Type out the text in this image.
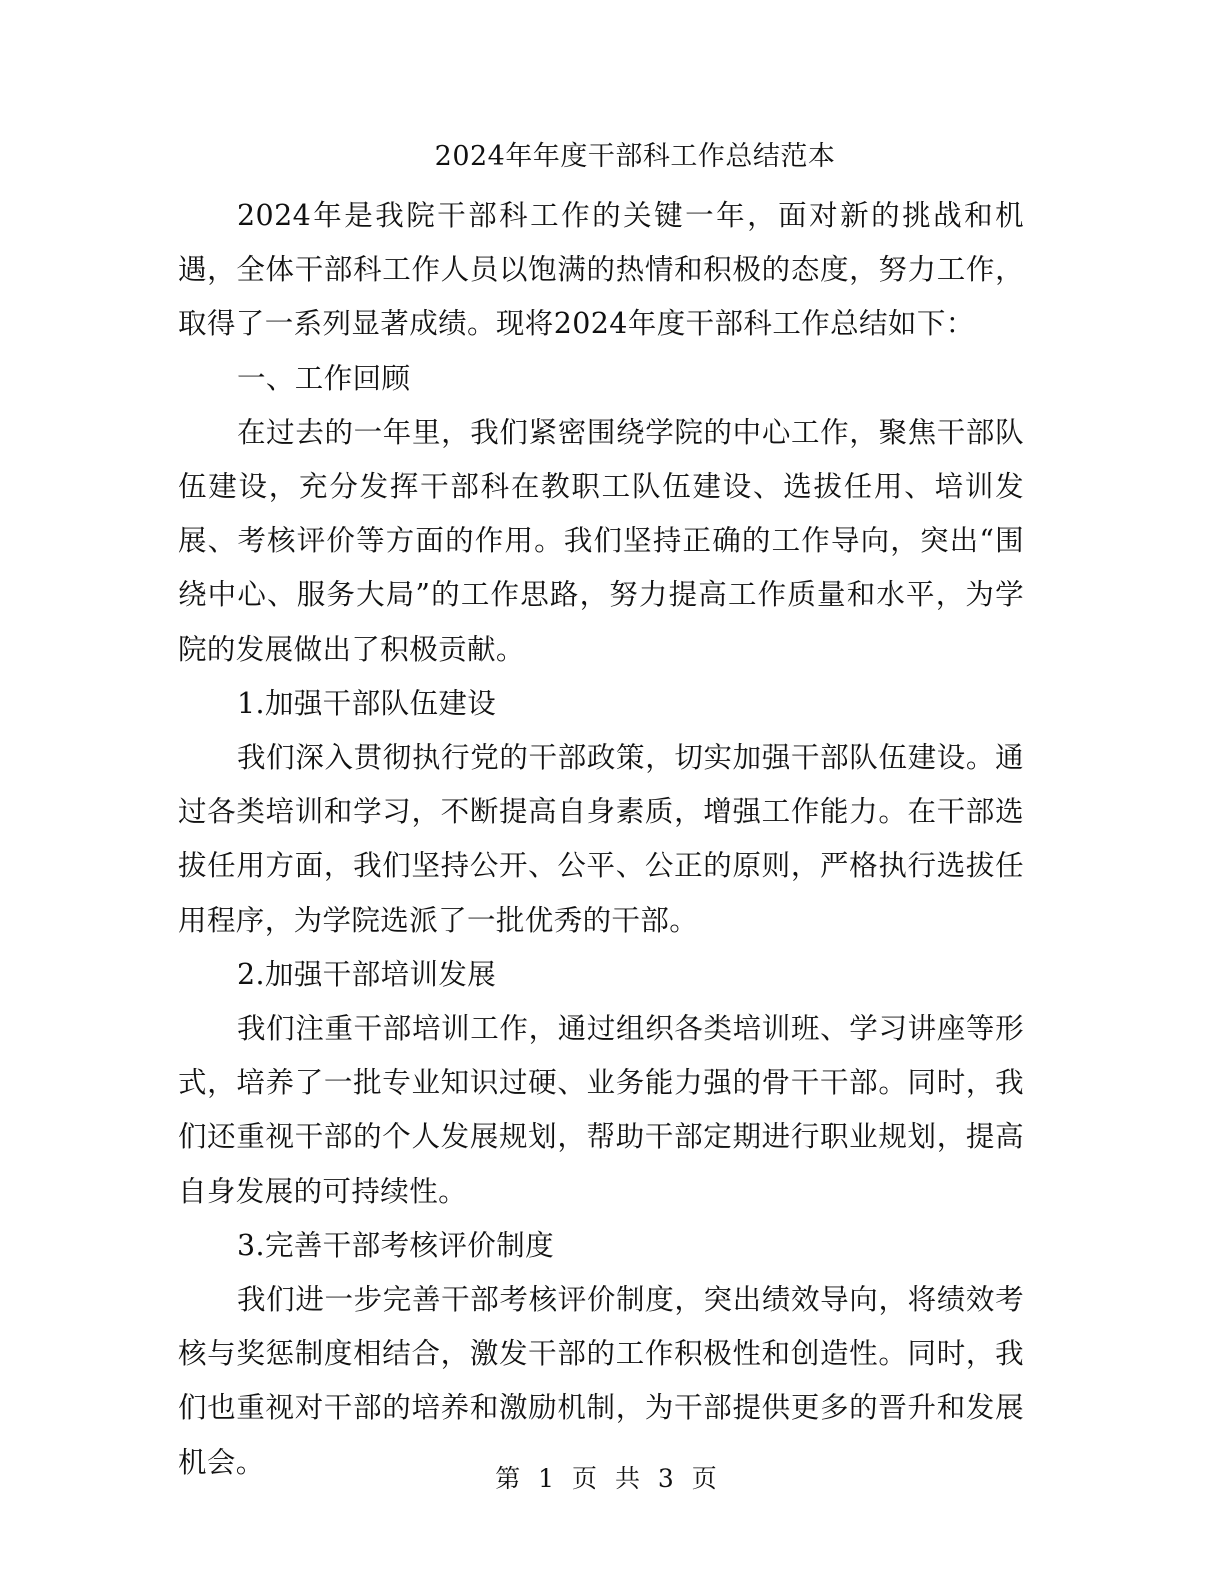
2024年年度干部科工作总结范本

2024年是我院干部科工作的关键一年，面对新的挑战和机遇，全体干部科工作人员以饱满的热情和积极的态度，努力工作，取得了一系列显著成绩。现将2024年度干部科工作总结如下：

一、工作回顾

在过去的一年里，我们紧密围绕学院的中心工作，聚焦干部队伍建设，充分发挥干部科在教职工队伍建设、选拔任用、培训发展、考核评价等方面的作用。我们坚持正确的工作导向，突出“围绕中心、服务大局”的工作思路，努力提高工作质量和水平，为学院的发展做出了积极贡献。

1.加强干部队伍建设

我们深入贯彻执行党的干部政策，切实加强干部队伍建设。通过各类培训和学习，不断提高自身素质，增强工作能力。在干部选拔任用方面，我们坚持公开、公平、公正的原则，严格执行选拔任用程序，为学院选派了一批优秀的干部。

2.加强干部培训发展

我们注重干部培训工作，通过组织各类培训班、学习讲座等形式，培养了一批专业知识过硬、业务能力强的骨干干部。同时，我们还重视干部的个人发展规划，帮助干部定期进行职业规划，提高自身发展的可持续性。

3.完善干部考核评价制度

我们进一步完善干部考核评价制度，突出绩效导向，将绩效考核与奖惩制度相结合，激发干部的工作积极性和创造性。同时，我们也重视对干部的培养和激励机制，为干部提供更多的晋升和发展机会。	第 1 页 共 3 页
